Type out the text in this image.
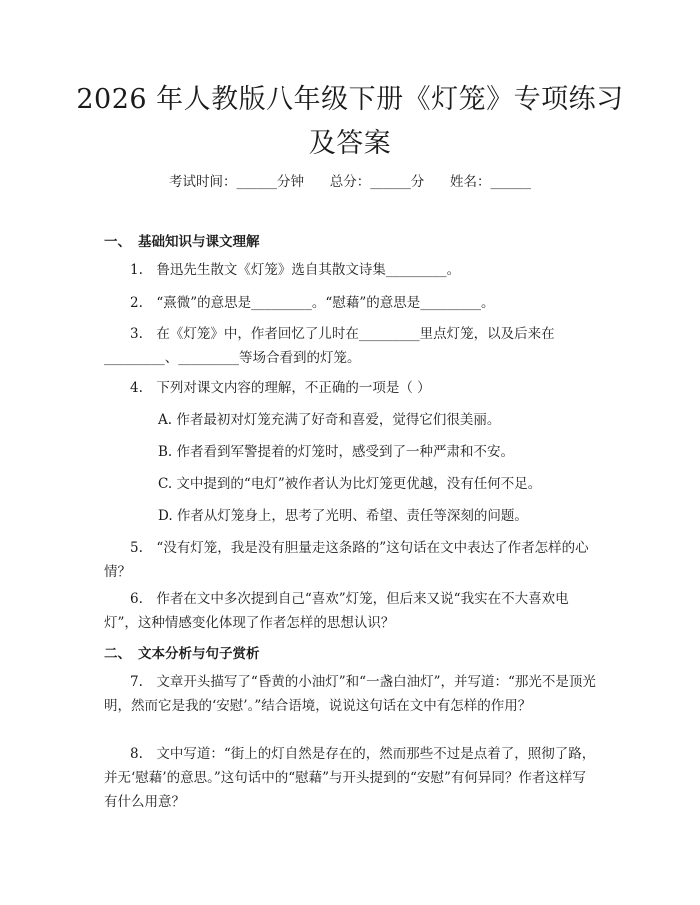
2026 年人教版八年级下册《灯笼》专项练习
及答案
考试时间：______分钟      总分：______分      姓名：______
一、 基础知识与课文理解
1.　鲁迅先生散文《灯笼》选自其散文诗集_________。
2.　“熹微”的意思是_________。“慰藉”的意思是_________。
3.　在《灯笼》中，作者回忆了儿时在_________里点灯笼，以及后来在_________、_________等场合看到的灯笼。
4.　下列对课文内容的理解，不正确的一项是（ ）
A. 作者最初对灯笼充满了好奇和喜爱，觉得它们很美丽。
B. 作者看到军警提着的灯笼时，感受到了一种严肃和不安。
C. 文中提到的“电灯”被作者认为比灯笼更优越，没有任何不足。
D. 作者从灯笼身上，思考了光明、希望、责任等深刻的问题。
5.　“没有灯笼，我是没有胆量走这条路的”这句话在文中表达了作者怎样的心情？
6.　作者在文中多次提到自己“喜欢”灯笼，但后来又说“我实在不大喜欢电灯”，这种情感变化体现了作者怎样的思想认识？
二、 文本分析与句子赏析
7.　文章开头描写了“昏黄的小油灯”和“一盏白油灯”，并写道：“那光不是顶光明，然而它是我的‘安慰’。”结合语境，说说这句话在文中有怎样的作用？
8.　文中写道：“街上的灯自然是存在的，然而那些不过是点着了，照彻了路，并无‘慰藉’的意思。”这句话中的“慰藉”与开头提到的“安慰”有何异同？作者这样写有什么用意？
